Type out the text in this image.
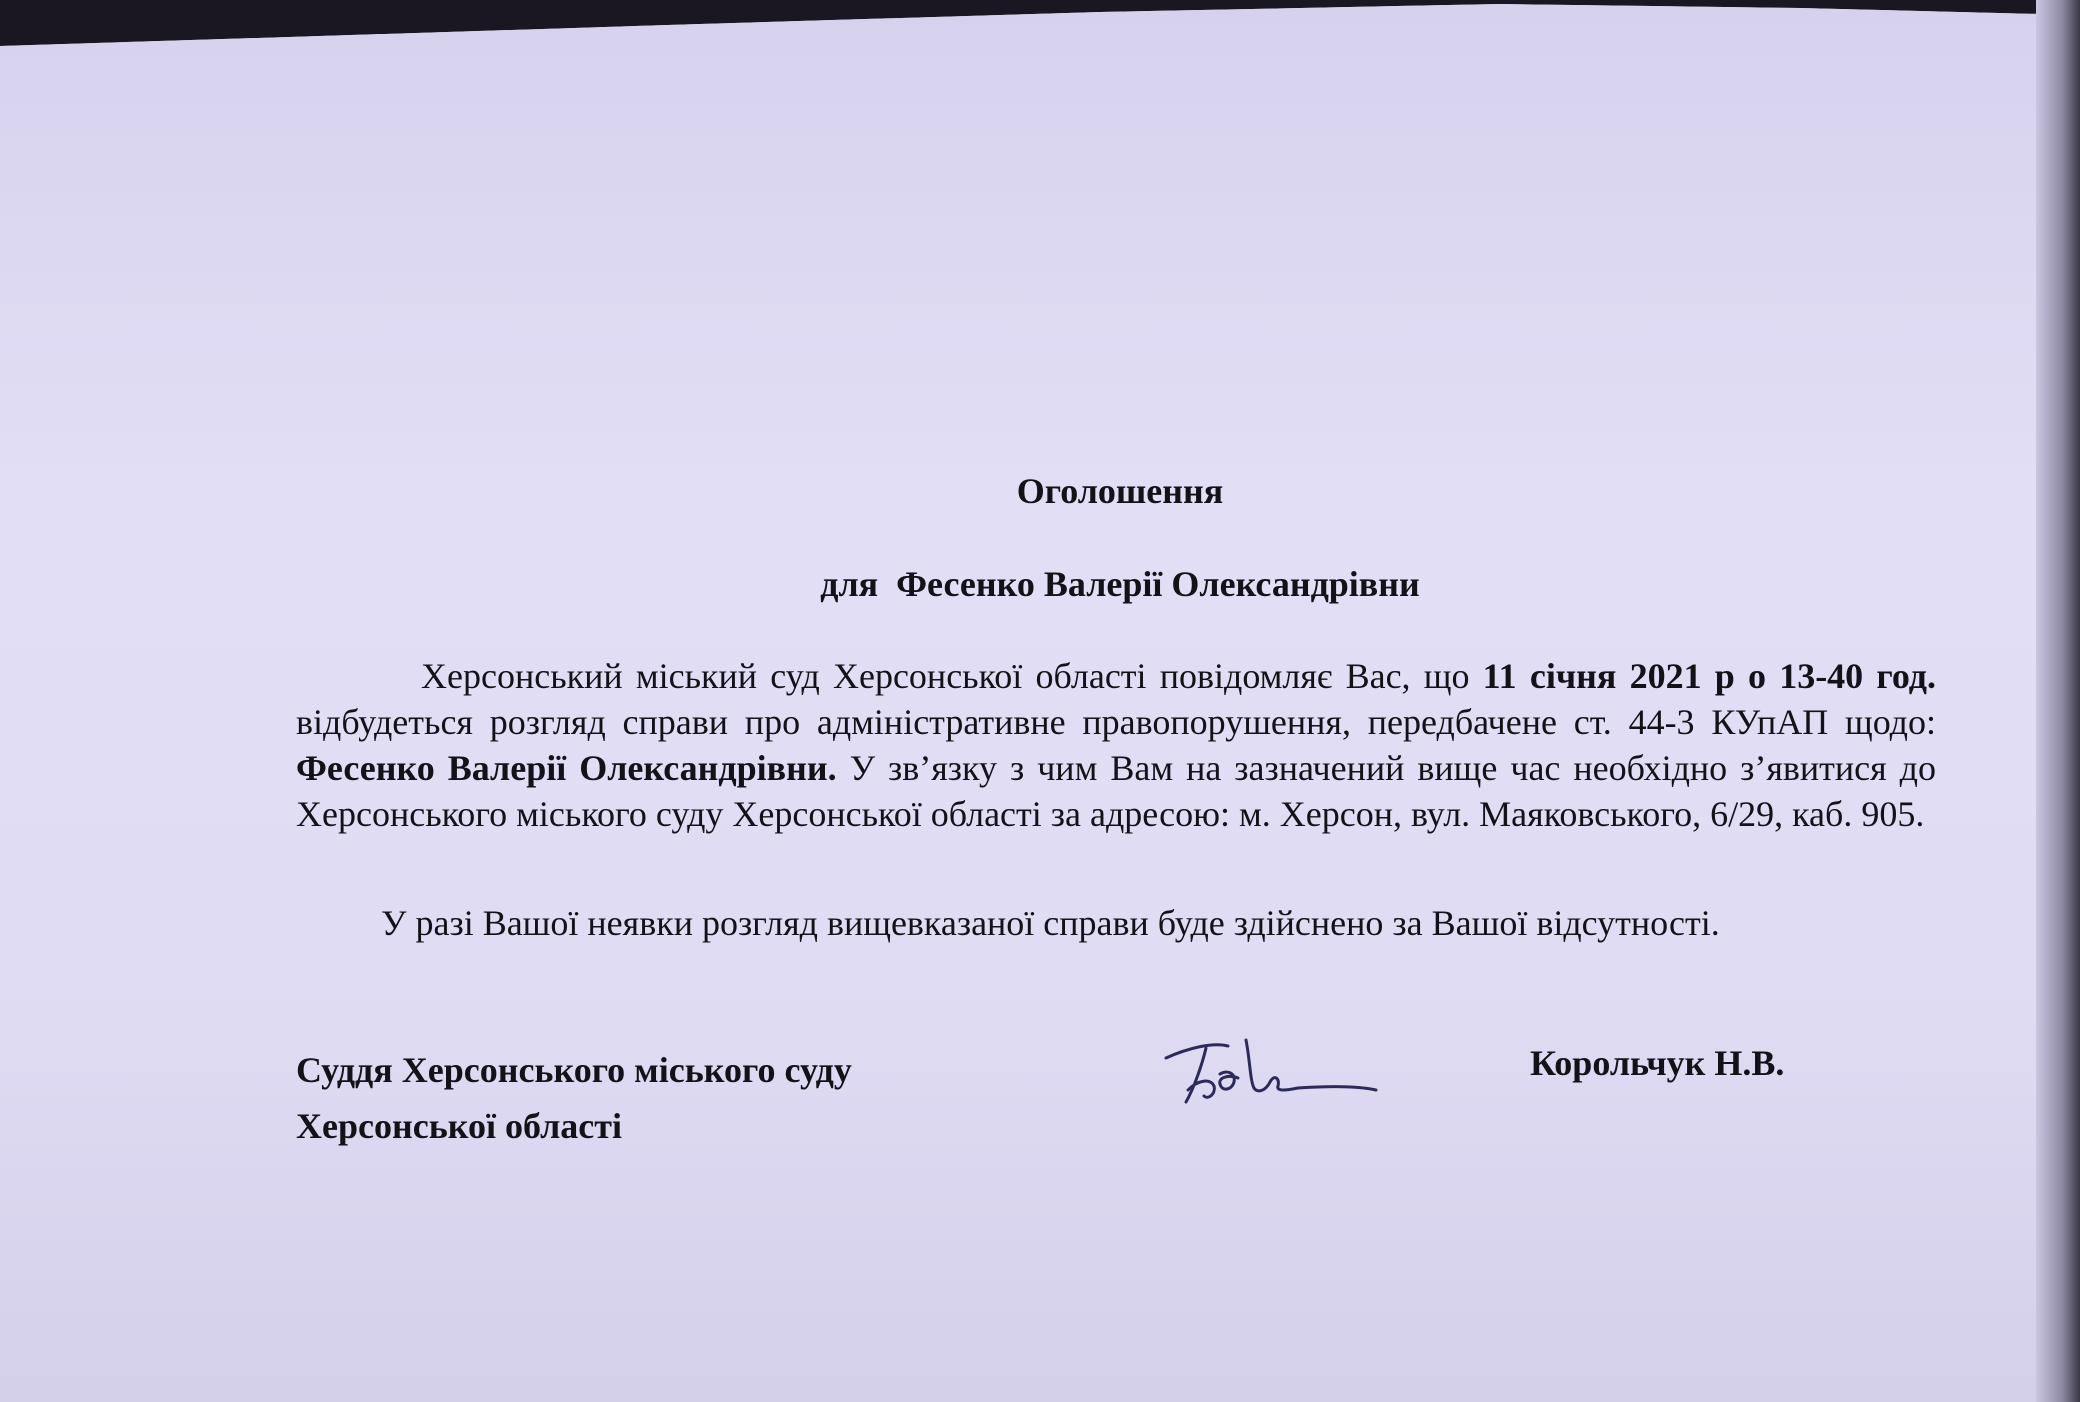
Оголошення
для  Фесенко Валерії Олександрівни
Херсонський міський суд Херсонської області повідомляє Вас, що 11 січня 2021 р о 13-40 год. відбудеться розгляд справи про адміністративне правопорушення, передбачене ст. 44-3 КУпАП щодо: Фесенко Валерії Олександрівни. У зв’язку з чим Вам на зазначений вище час необхідно з’явитися до Херсонського міського суду Херсонської області за адресою: м. Херсон, вул. Маяковського, 6/29, каб. 905.
У разі Вашої неявки розгляд вищевказаної справи буде здійснено за Вашої відсутності.
Суддя Херсонського міського суду
Херсонської області
Корольчук Н.В.
